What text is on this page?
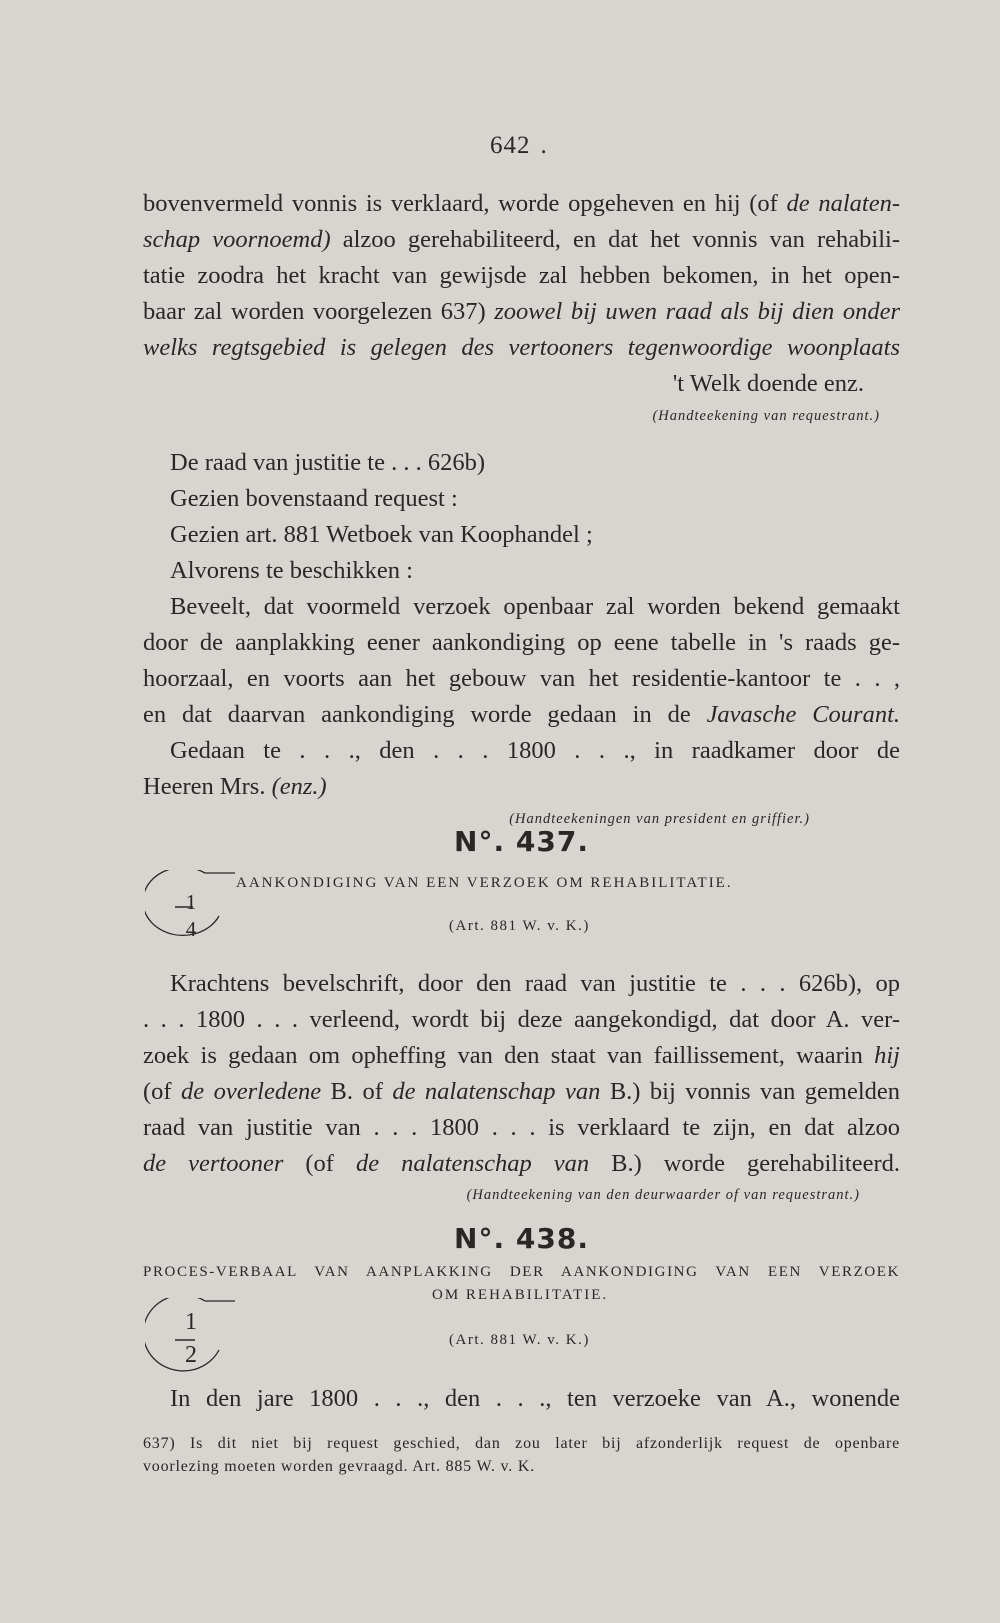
642 .
bovenvermeld vonnis is verklaard, worde opgeheven en hij (of de nalaten-
schap voornoemd) alzoo gerehabiliteerd, en dat het vonnis van rehabili-
tatie zoodra het kracht van gewijsde zal hebben bekomen, in het open-
baar zal worden voorgelezen 637) zoowel bij uwen raad als bij dien onder
welks regtsgebied is gelegen des vertooners tegenwoordige woonplaats
't Welk doende enz.
(Handteekening van requestrant.)
De raad van justitie te . . . 626b)
Gezien bovenstaand request :
Gezien art. 881 Wetboek van Koophandel ;
Alvorens te beschikken :
Beveelt, dat voormeld verzoek openbaar zal worden bekend gemaakt
door de aanplakking eener aankondiging op eene tabelle in 's raads ge-
hoorzaal, en voorts aan het gebouw van het residentie-kantoor te . . ,
en dat daarvan aankondiging worde gedaan in de Javasche Courant.
Gedaan te . . ., den . . . 1800 . . ., in raadkamer door de
Heeren Mrs. (enz.)
(Handteekeningen van president en griffier.)
N°. 437.
1
4
AANKONDIGING VAN EEN VERZOEK OM REHABILITATIE.
(Art. 881 W. v. K.)
Krachtens bevelschrift, door den raad van justitie te . . . 626b), op
. . . 1800 . . . verleend, wordt bij deze aangekondigd, dat door A. ver-
zoek is gedaan om opheffing van den staat van faillissement, waarin hij
(of de overledene B. of de nalatenschap van B.) bij vonnis van gemelden
raad van justitie van . . . 1800 . . . is verklaard te zijn, en dat alzoo
de vertooner (of de nalatenschap van B.) worde gerehabiliteerd.
(Handteekening van den deurwaarder of van requestrant.)
N°. 438.
PROCES-VERBAAL VAN AANPLAKKING DER AANKONDIGING VAN EEN VERZOEK
OM REHABILITATIE.
1
2
(Art. 881 W. v. K.)
In den jare 1800 . . ., den . . ., ten verzoeke van A., wonende
637) Is dit niet bij request geschied, dan zou later bij afzonderlijk request de openbare
voorlezing moeten worden gevraagd. Art. 885 W. v. K.
